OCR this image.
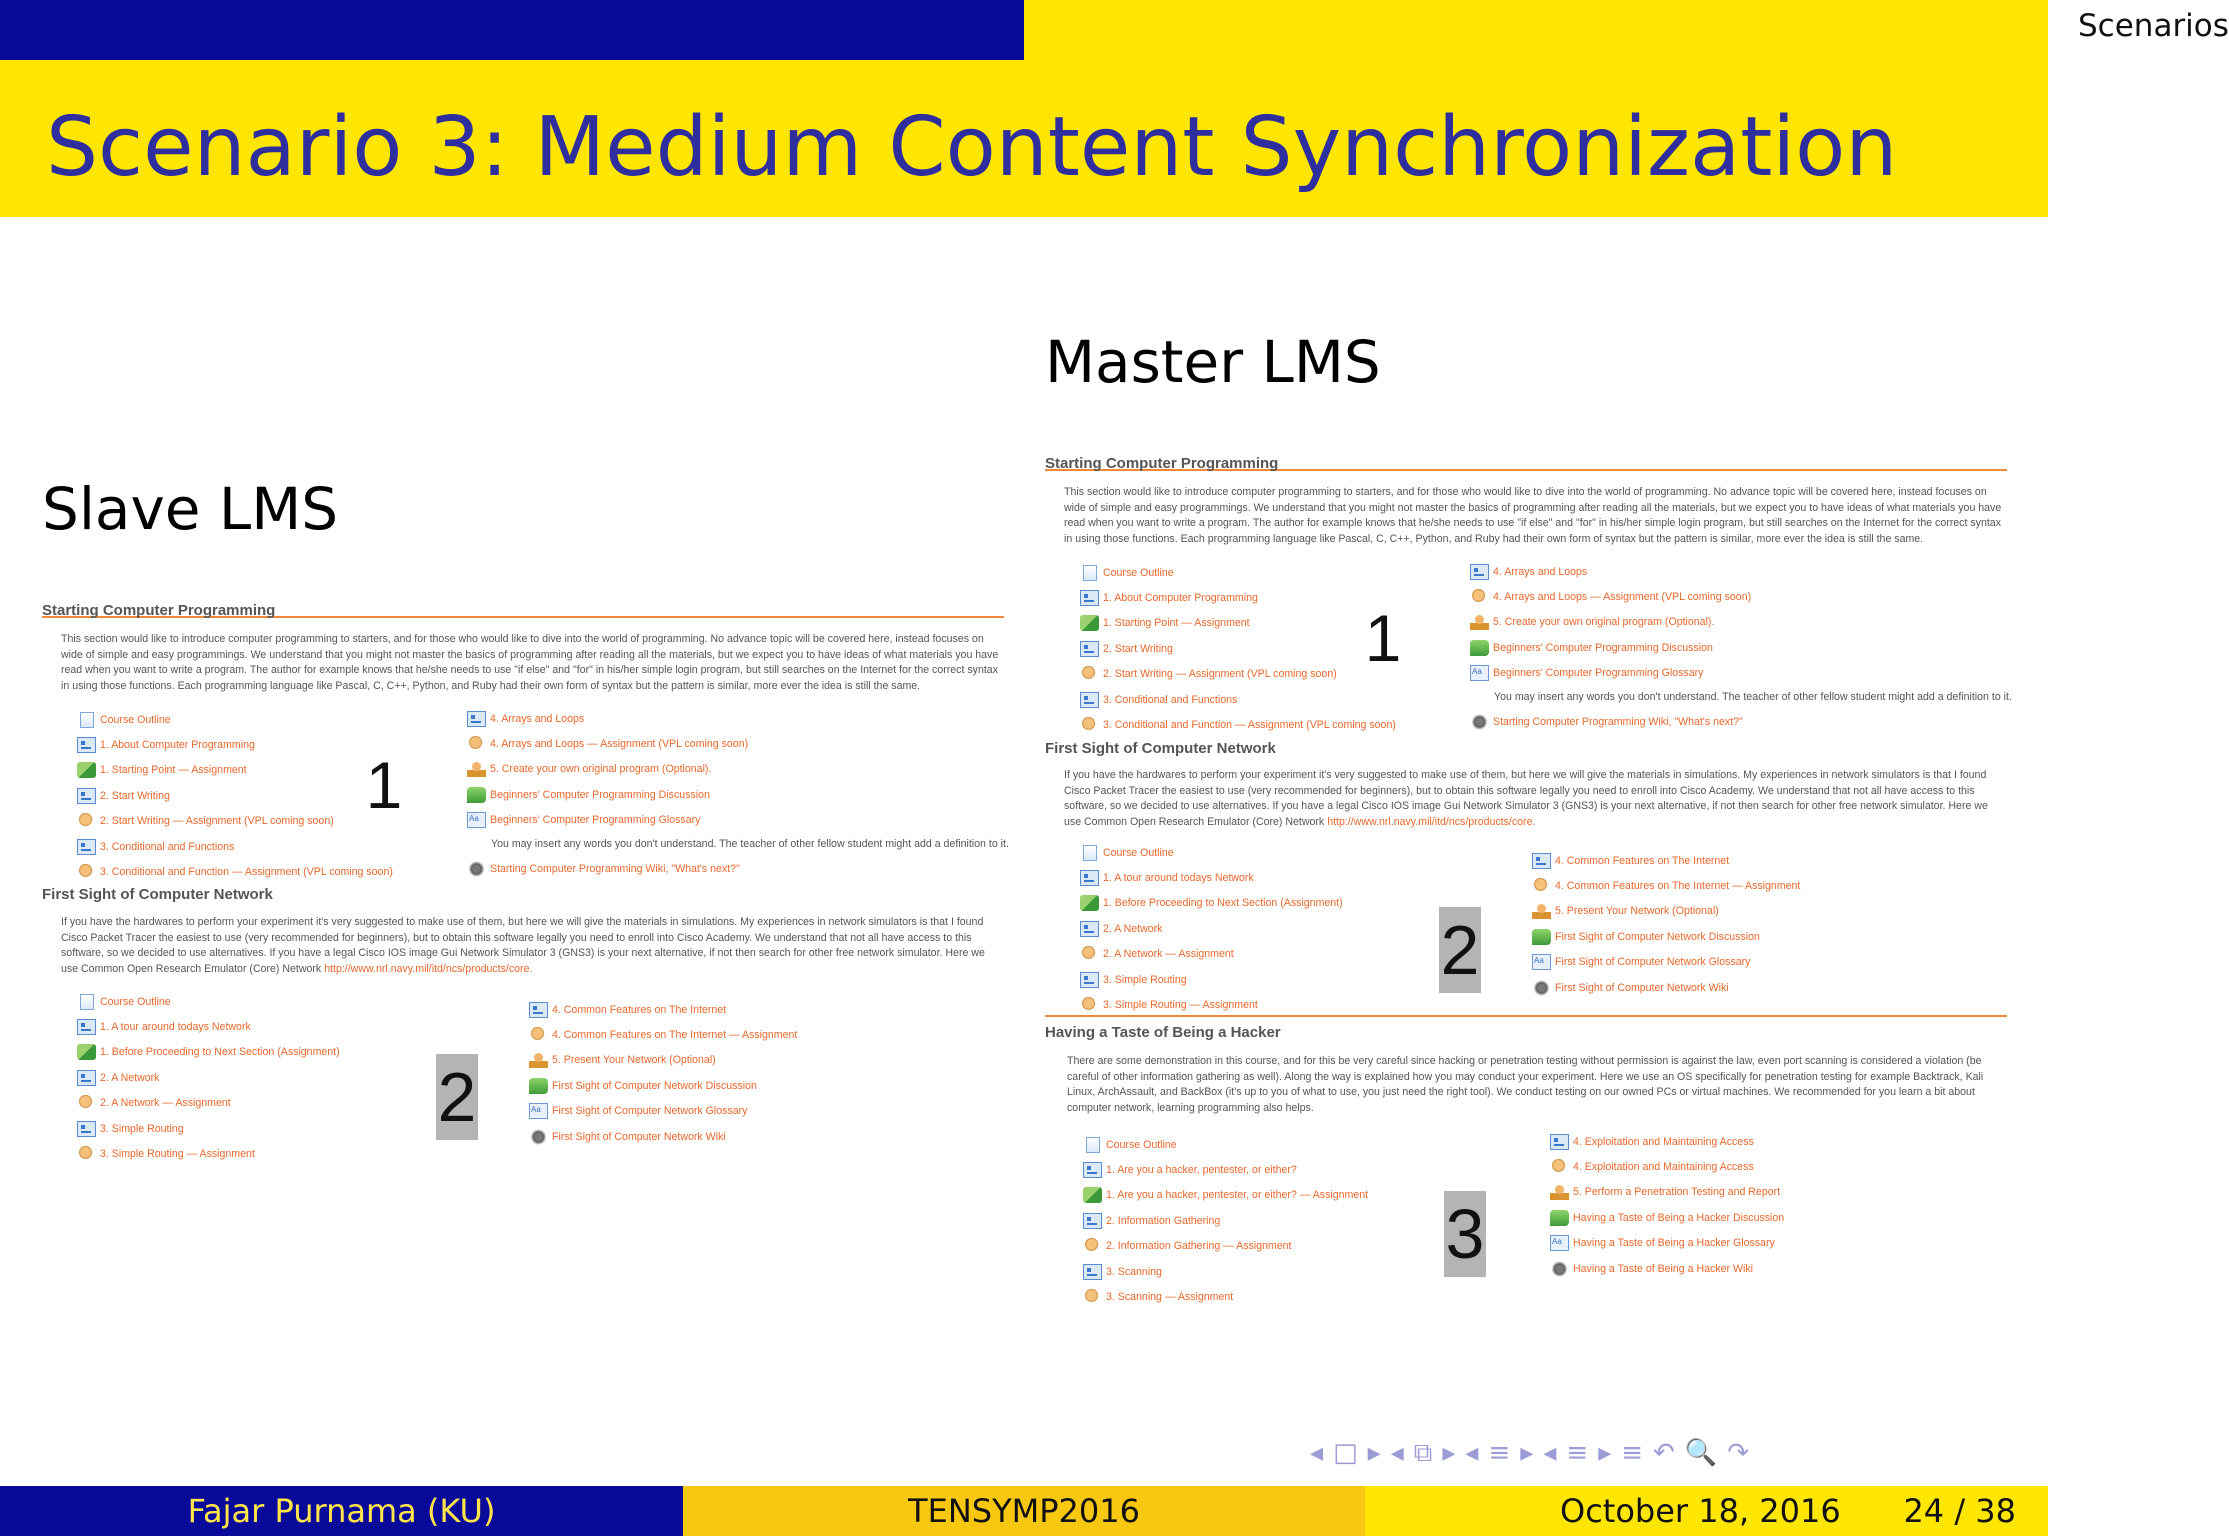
Scenarios
Scenario 3: Medium Content Synchronization
Master LMS
Slave LMS
Starting Computer Programming
This section would like to introduce computer programming to starters, and for those who would like to dive into the world of programming. No advance topic will be covered here, instead focuses on wide of simple and easy programmings. We understand that you might not master the basics of programming after reading all the materials, but we expect you to have ideas of what materials you have read when you want to write a program. The author for example knows that he/she needs to use "if else" and "for" in his/her simple login program, but still searches on the Internet for the correct syntax in using those functions. Each programming language like Pascal, C, C++, Python, and Ruby had their own form of syntax but the pattern is similar, more ever the idea is still the same.
Course Outline
1. About Computer Programming
1. Starting Point — Assignment
2. Start Writing
2. Start Writing — Assignment (VPL coming soon)
3. Conditional and Functions
3. Conditional and Function — Assignment (VPL coming soon)
4. Arrays and Loops
4. Arrays and Loops — Assignment (VPL coming soon)
5. Create your own original program (Optional).
Beginners' Computer Programming Discussion
Aa
Beginners' Computer Programming Glossary
You may insert any words you don't understand. The teacher of other fellow student might add a definition to it.
Starting Computer Programming Wiki, "What's next?"
1
First Sight of Computer Network
If you have the hardwares to perform your experiment it's very suggested to make use of them, but here we will give the materials in simulations. My experiences in network simulators is that I found Cisco Packet Tracer the easiest to use (very recommended for beginners), but to obtain this software legally you need to enroll into Cisco Academy. We understand that not all have access to this software, so we decided to use alternatives. If you have a legal Cisco IOS image Gui Network Simulator 3 (GNS3) is your next alternative, if not then search for other free network simulator. Here we use Common Open Research Emulator (Core) Network http://www.nrl.navy.mil/itd/ncs/products/core.
Course Outline
1. A tour around todays Network
1. Before Proceeding to Next Section (Assignment)
2. A Network
2. A Network — Assignment
3. Simple Routing
3. Simple Routing — Assignment
4. Common Features on The Internet
4. Common Features on The Internet — Assignment
5. Present Your Network (Optional)
First Sight of Computer Network Discussion
Aa
First Sight of Computer Network Glossary
First Sight of Computer Network Wiki
2
Having a Taste of Being a Hacker
There are some demonstration in this course, and for this be very careful since hacking or penetration testing without permission is against the law, even port scanning is considered a violation (be careful of other information gathering as well). Along the way is explained how you may conduct your experiment. Here we use an OS specifically for penetration testing for example Backtrack, Kali Linux, ArchAssault, and BackBox (it's up to you of what to use, you just need the right tool). We conduct testing on our owned PCs or virtual machines. We recommended for you learn a bit about computer network, learning programming also helps.
Course Outline
1. Are you a hacker, pentester, or either?
1. Are you a hacker, pentester, or either? — Assignment
2. Information Gathering
2. Information Gathering — Assignment
3. Scanning
3. Scanning — Assignment
4. Exploitation and Maintaining Access
4. Exploitation and Maintaining Access
5. Perform a Penetration Testing and Report
Having a Taste of Being a Hacker Discussion
Aa
Having a Taste of Being a Hacker Glossary
Having a Taste of Being a Hacker Wiki
3
Starting Computer Programming
This section would like to introduce computer programming to starters, and for those who would like to dive into the world of programming. No advance topic will be covered here, instead focuses on wide of simple and easy programmings. We understand that you might not master the basics of programming after reading all the materials, but we expect you to have ideas of what materials you have read when you want to write a program. The author for example knows that he/she needs to use "if else" and "for" in his/her simple login program, but still searches on the Internet for the correct syntax in using those functions. Each programming language like Pascal, C, C++, Python, and Ruby had their own form of syntax but the pattern is similar, more ever the idea is still the same.
Course Outline
1. About Computer Programming
1. Starting Point — Assignment
2. Start Writing
2. Start Writing — Assignment (VPL coming soon)
3. Conditional and Functions
3. Conditional and Function — Assignment (VPL coming soon)
4. Arrays and Loops
4. Arrays and Loops — Assignment (VPL coming soon)
5. Create your own original program (Optional).
Beginners' Computer Programming Discussion
Aa
Beginners' Computer Programming Glossary
You may insert any words you don't understand. The teacher of other fellow student might add a definition to it.
Starting Computer Programming Wiki, "What's next?"
1
First Sight of Computer Network
If you have the hardwares to perform your experiment it's very suggested to make use of them, but here we will give the materials in simulations. My experiences in network simulators is that I found Cisco Packet Tracer the easiest to use (very recommended for beginners), but to obtain this software legally you need to enroll into Cisco Academy. We understand that not all have access to this software, so we decided to use alternatives. If you have a legal Cisco IOS image Gui Network Simulator 3 (GNS3) is your next alternative, if not then search for other free network simulator. Here we use Common Open Research Emulator (Core) Network http://www.nrl.navy.mil/itd/ncs/products/core.
Course Outline
1. A tour around todays Network
1. Before Proceeding to Next Section (Assignment)
2. A Network
2. A Network — Assignment
3. Simple Routing
3. Simple Routing — Assignment
4. Common Features on The Internet
4. Common Features on The Internet — Assignment
5. Present Your Network (Optional)
First Sight of Computer Network Discussion
Aa
First Sight of Computer Network Glossary
First Sight of Computer Network Wiki
2
◂ □ ▸ ◂ ⧉ ▸ ◂ ≡ ▸ ◂ ≡ ▸ ≡ ↶ 🔍 ↷
Fajar Purnama (KU)	TENSYMP2016	October 18, 2016 24 / 38
